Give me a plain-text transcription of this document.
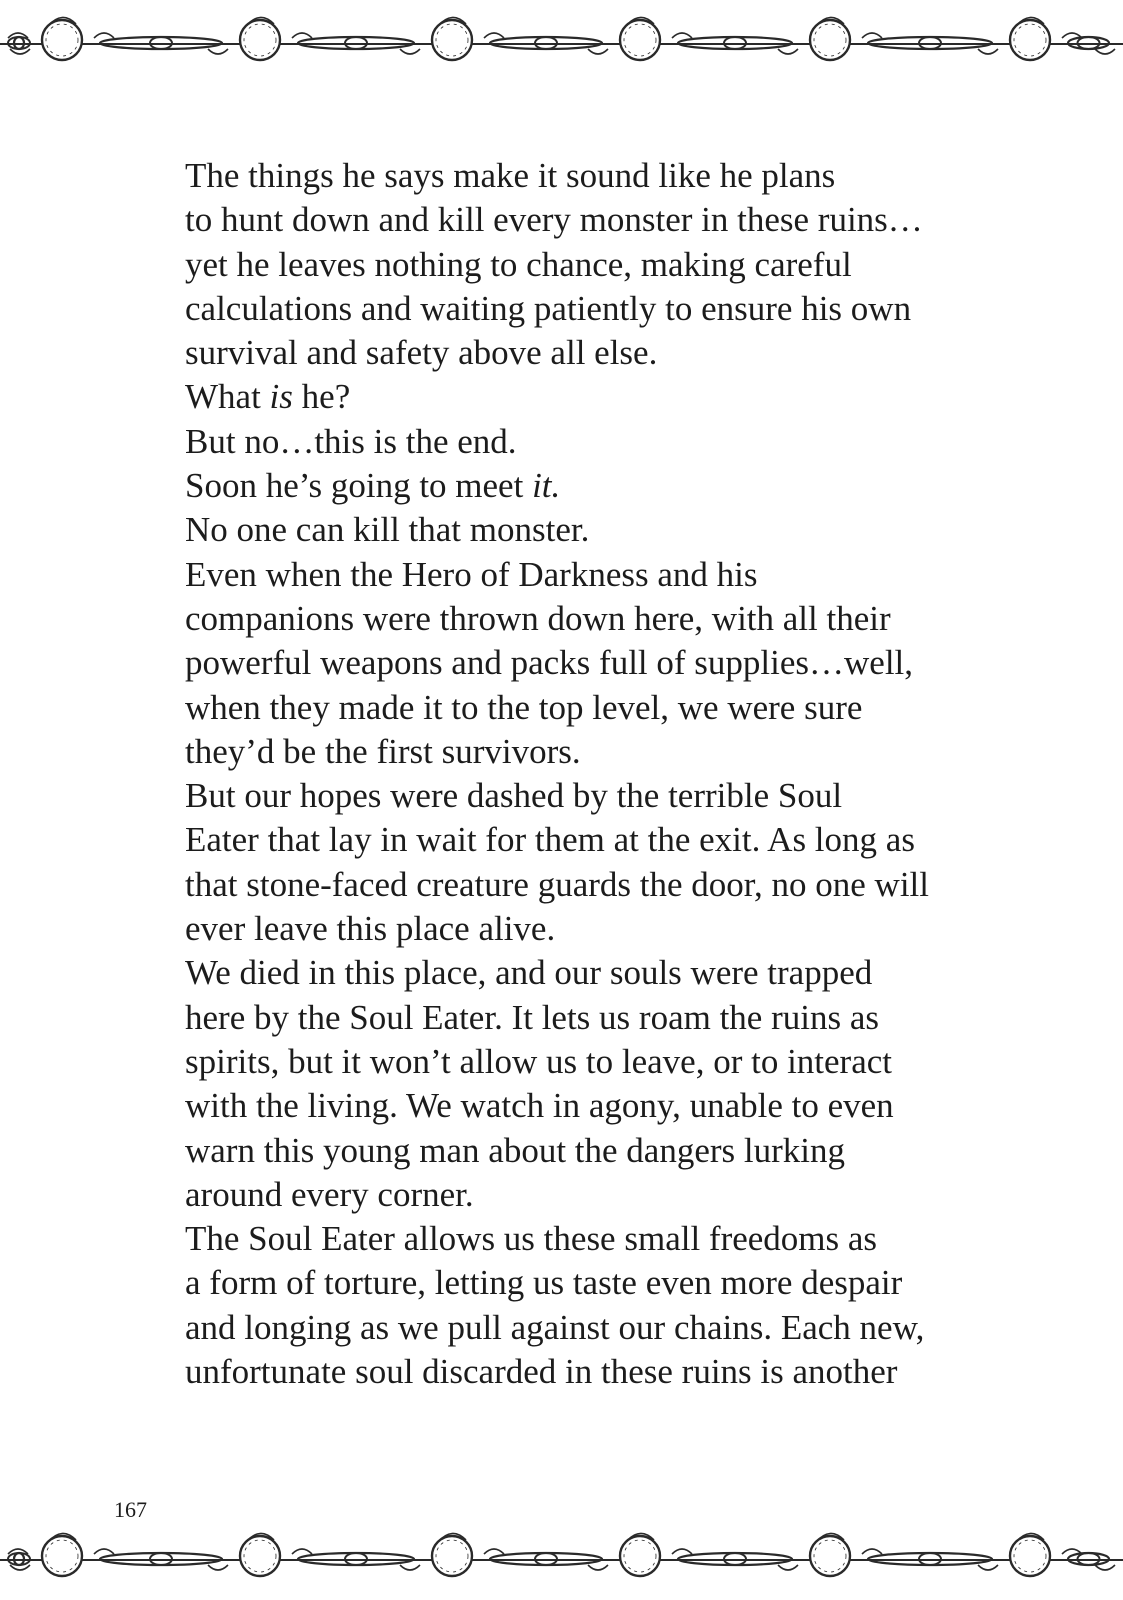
The things he says make it sound like he plans
to hunt down and kill every monster in these ruins…
yet he leaves nothing to chance, making careful
calculations and waiting patiently to ensure his own
survival and safety above all else.

What is he?

But no…this is the end.

Soon he’s going to meet it.

No one can kill that monster.

Even when the Hero of Darkness and his
companions were thrown down here, with all their
powerful weapons and packs full of supplies…well,
when they made it to the top level, we were sure
they’d be the first survivors.

But our hopes were dashed by the terrible Soul
Eater that lay in wait for them at the exit. As long as
that stone-faced creature guards the door, no one will
ever leave this place alive.

We died in this place, and our souls were trapped
here by the Soul Eater. It lets us roam the ruins as
spirits, but it won’t allow us to leave, or to interact
with the living. We watch in agony, unable to even
warn this young man about the dangers lurking
around every corner.

The Soul Eater allows us these small freedoms as
a form of torture, letting us taste even more despair
and longing as we pull against our chains. Each new,
unfortunate soul discarded in these ruins is another

167
